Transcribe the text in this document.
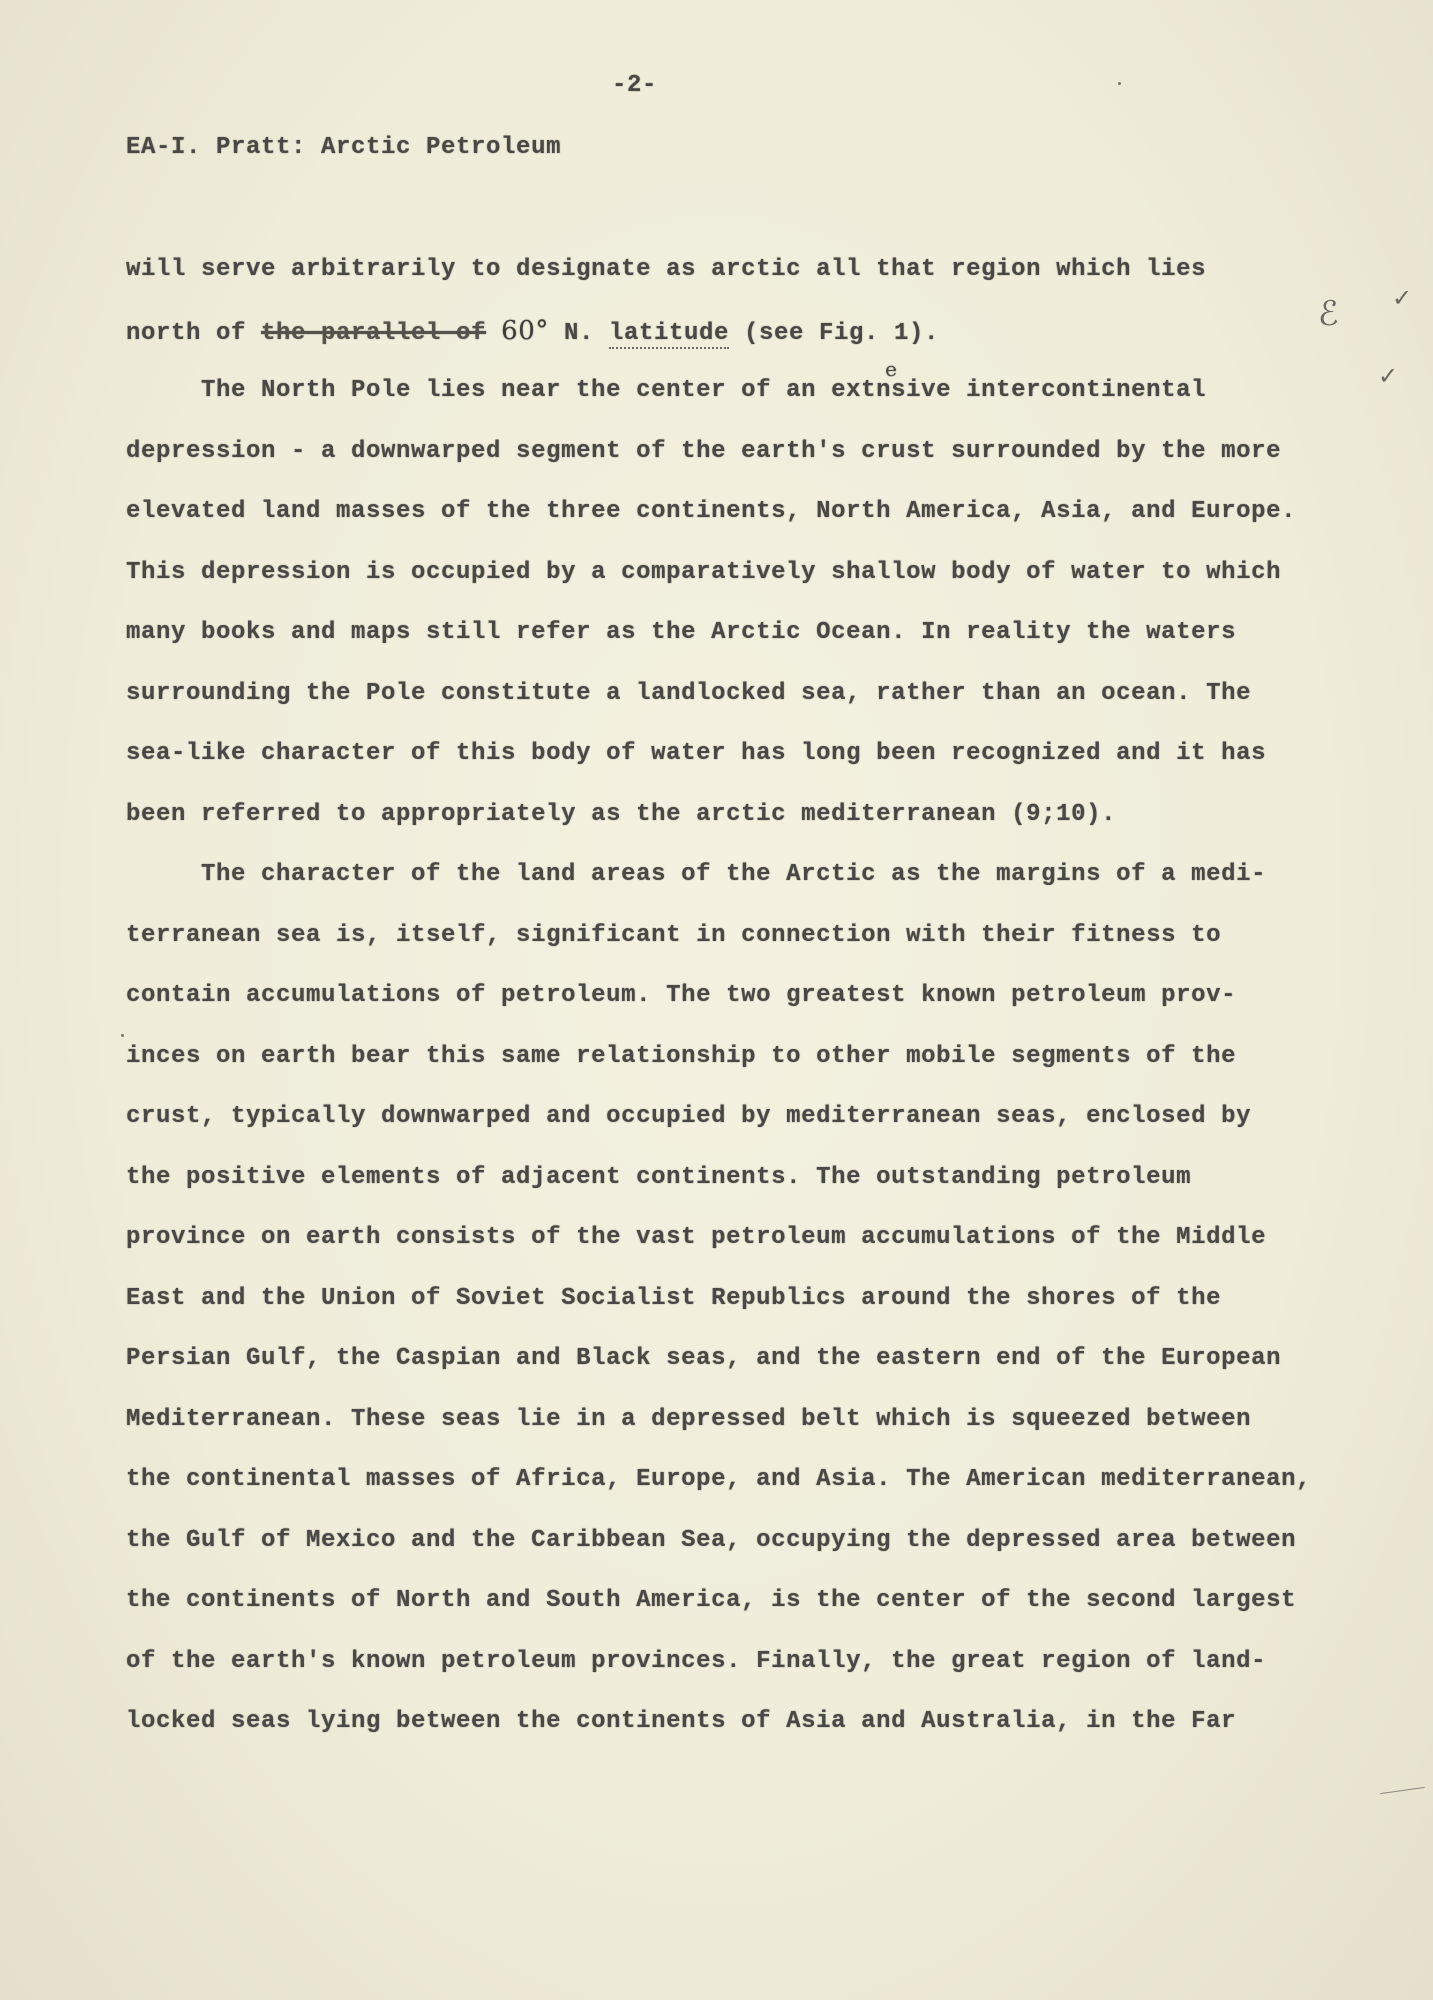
-2-
EA-I. Pratt: Arctic Petroleum
will serve arbitrarily to designate as arctic all that region which lies
north of the parallel of 60° N. latitude (see Fig. 1).
The North Pole lies near the center of an ext
e
nsive intercontinental
depression - a downwarped segment of the earth's crust surrounded by the more
elevated land masses of the three continents, North America, Asia, and Europe.
This depression is occupied by a comparatively shallow body of water to which
many books and maps still refer as the Arctic Ocean. In reality the waters
surrounding the Pole constitute a landlocked sea, rather than an ocean. The
sea-like character of this body of water has long been recognized and it has
been referred to appropriately as the arctic mediterranean (9;10).
The character of the land areas of the Arctic as the margins of a medi-
terranean sea is, itself, significant in connection with their fitness to
contain accumulations of petroleum. The two greatest known petroleum prov-
inces on earth bear this same relationship to other mobile segments of the
crust, typically downwarped and occupied by mediterranean seas, enclosed by
the positive elements of adjacent continents. The outstanding petroleum
province on earth consists of the vast petroleum accumulations of the Middle
East and the Union of Soviet Socialist Republics around the shores of the
Persian Gulf, the Caspian and Black seas, and the eastern end of the European
Mediterranean. These seas lie in a depressed belt which is squeezed between
the continental masses of Africa, Europe, and Asia. The American mediterranean,
the Gulf of Mexico and the Caribbean Sea, occupying the depressed area between
the continents of North and South America, is the center of the second largest
of the earth's known petroleum provinces. Finally, the great region of land-
locked seas lying between the continents of Asia and Australia, in the Far
ℰ ✓
✓
